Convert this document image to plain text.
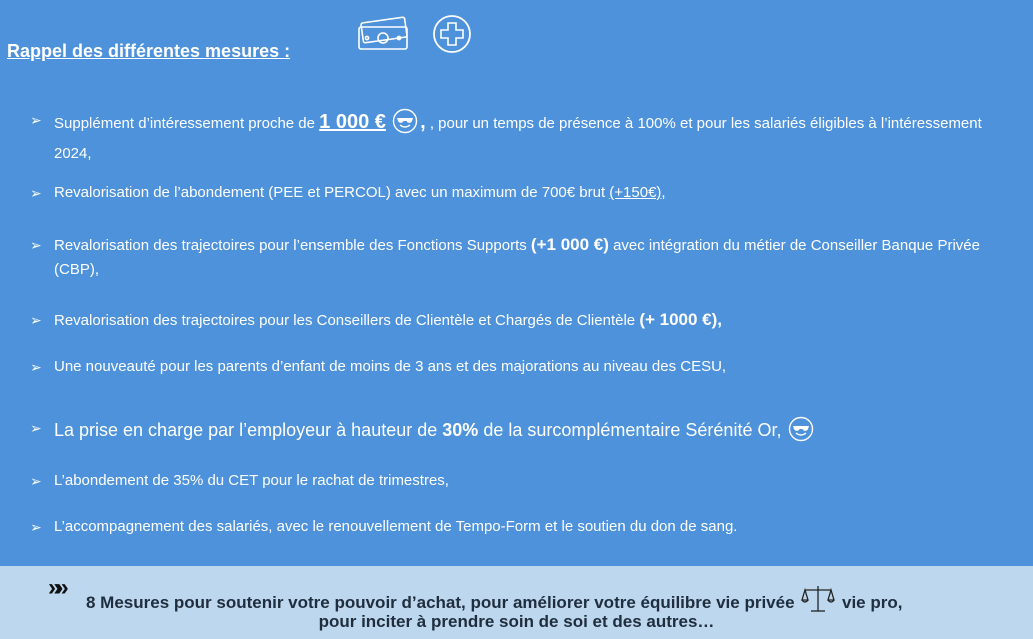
Rappel des différentes mesures :
➢ Supplément d’intéressement proche de 1 000 € , , pour un temps de présence à 100% et pour les salariés éligibles à l’intéressement 2024,
➢ Revalorisation de l’abondement (PEE et PERCOL) avec un maximum de 700€ brut (+150€),
➢ Revalorisation des trajectoires pour l’ensemble des Fonctions Supports (+1 000 €) avec intégration du métier de Conseiller Banque Privée (CBP),
➢ Revalorisation des trajectoires pour les Conseillers de Clientèle et Chargés de Clientèle (+ 1000 €),
➢ Une nouveauté pour les parents d’enfant de moins de 3 ans et des majorations au niveau des CESU,
➢ La prise en charge par l’employeur à hauteur de 30% de la surcomplémentaire Sérénité Or,
➢ L’abondement de 35% du CET pour le rachat de trimestres,
➢ L’accompagnement des salariés, avec le renouvellement de Tempo-Form et le soutien du don de sang.
»»
8 Mesures pour soutenir votre pouvoir d’achat, pour améliorer votre équilibre vie privée	vie pro,
pour inciter à prendre soin de soi et des autres…
